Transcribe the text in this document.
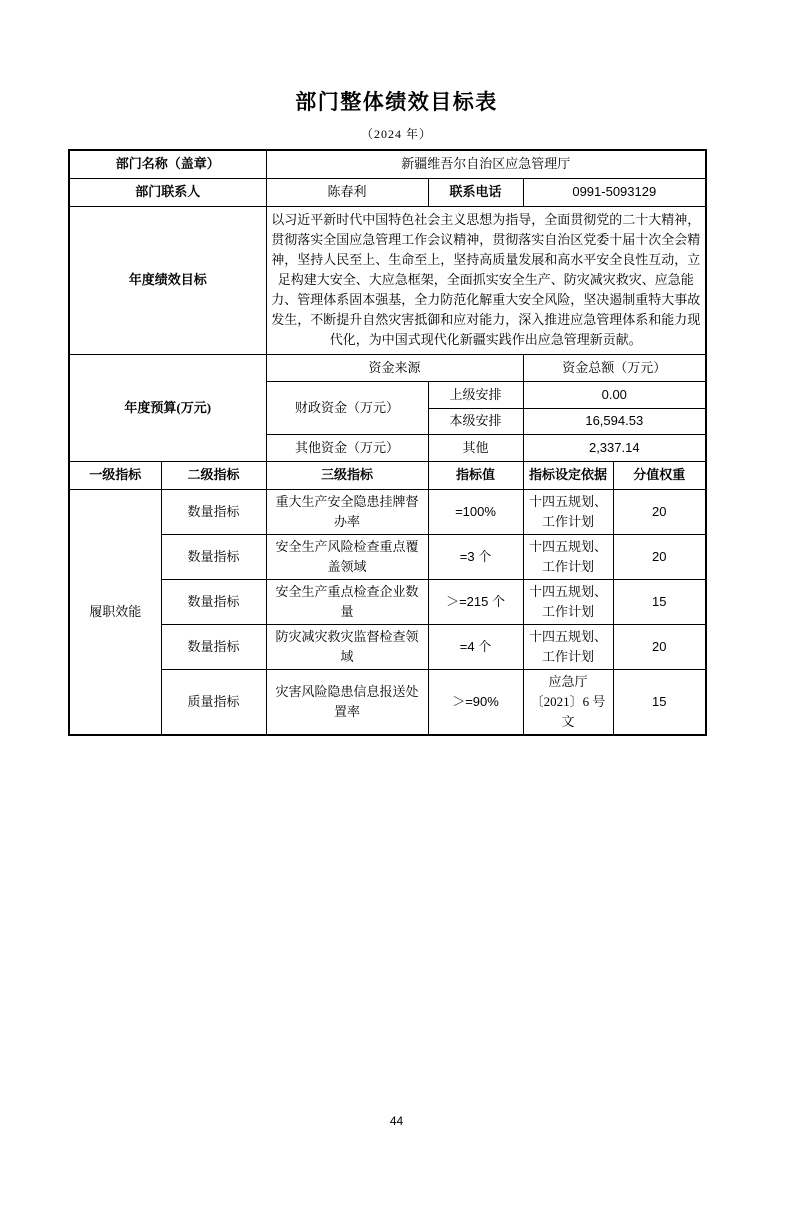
部门整体绩效目标表
（2024 年）
部门名称（盖章）		新疆维吾尔自治区应急管理厅			
部门联系人		陈春利	联系电话	0991-5093129	
年度绩效目标		以习近平新时代中国特色社会主义思想为指导，全面贯彻党的二十大精神，贯彻落实全国应急管理工作会议精神，贯彻落实自治区党委十届十次全会精神，坚持人民至上、生命至上，坚持高质量发展和高水平安全良性互动，立足构建大安全、大应急框架，全面抓实安全生产、防灾减灾救灾、应急能力、管理体系固本强基，全力防范化解重大安全风险，坚决遏制重特大事故发生，不断提升自然灾害抵御和应对能力，深入推进应急管理体系和能力现代化，为中国式现代化新疆实践作出应急管理新贡献。			
年度预算(万元)		资金来源		资金总额（万元）	
		财政资金（万元）	上级安排	0.00	
			本级安排	16,594.53	
		其他资金（万元）	其他	2,337.14	
一级指标	二级指标	三级指标	指标值	指标设定依据	分值权重
履职效能	数量指标	重大生产安全隐患挂牌督办率	=100%	十四五规划、工作计划	20
	数量指标	安全生产风险检查重点覆盖领域	=3 个	十四五规划、工作计划	20
	数量指标	安全生产重点检查企业数量	＞=215 个	十四五规划、工作计划	15
	数量指标	防灾减灾救灾监督检查领域	=4 个	十四五规划、工作计划	20
	质量指标	灾害风险隐患信息报送处置率	＞=90%	应急厅〔2021〕6 号文	15
44
